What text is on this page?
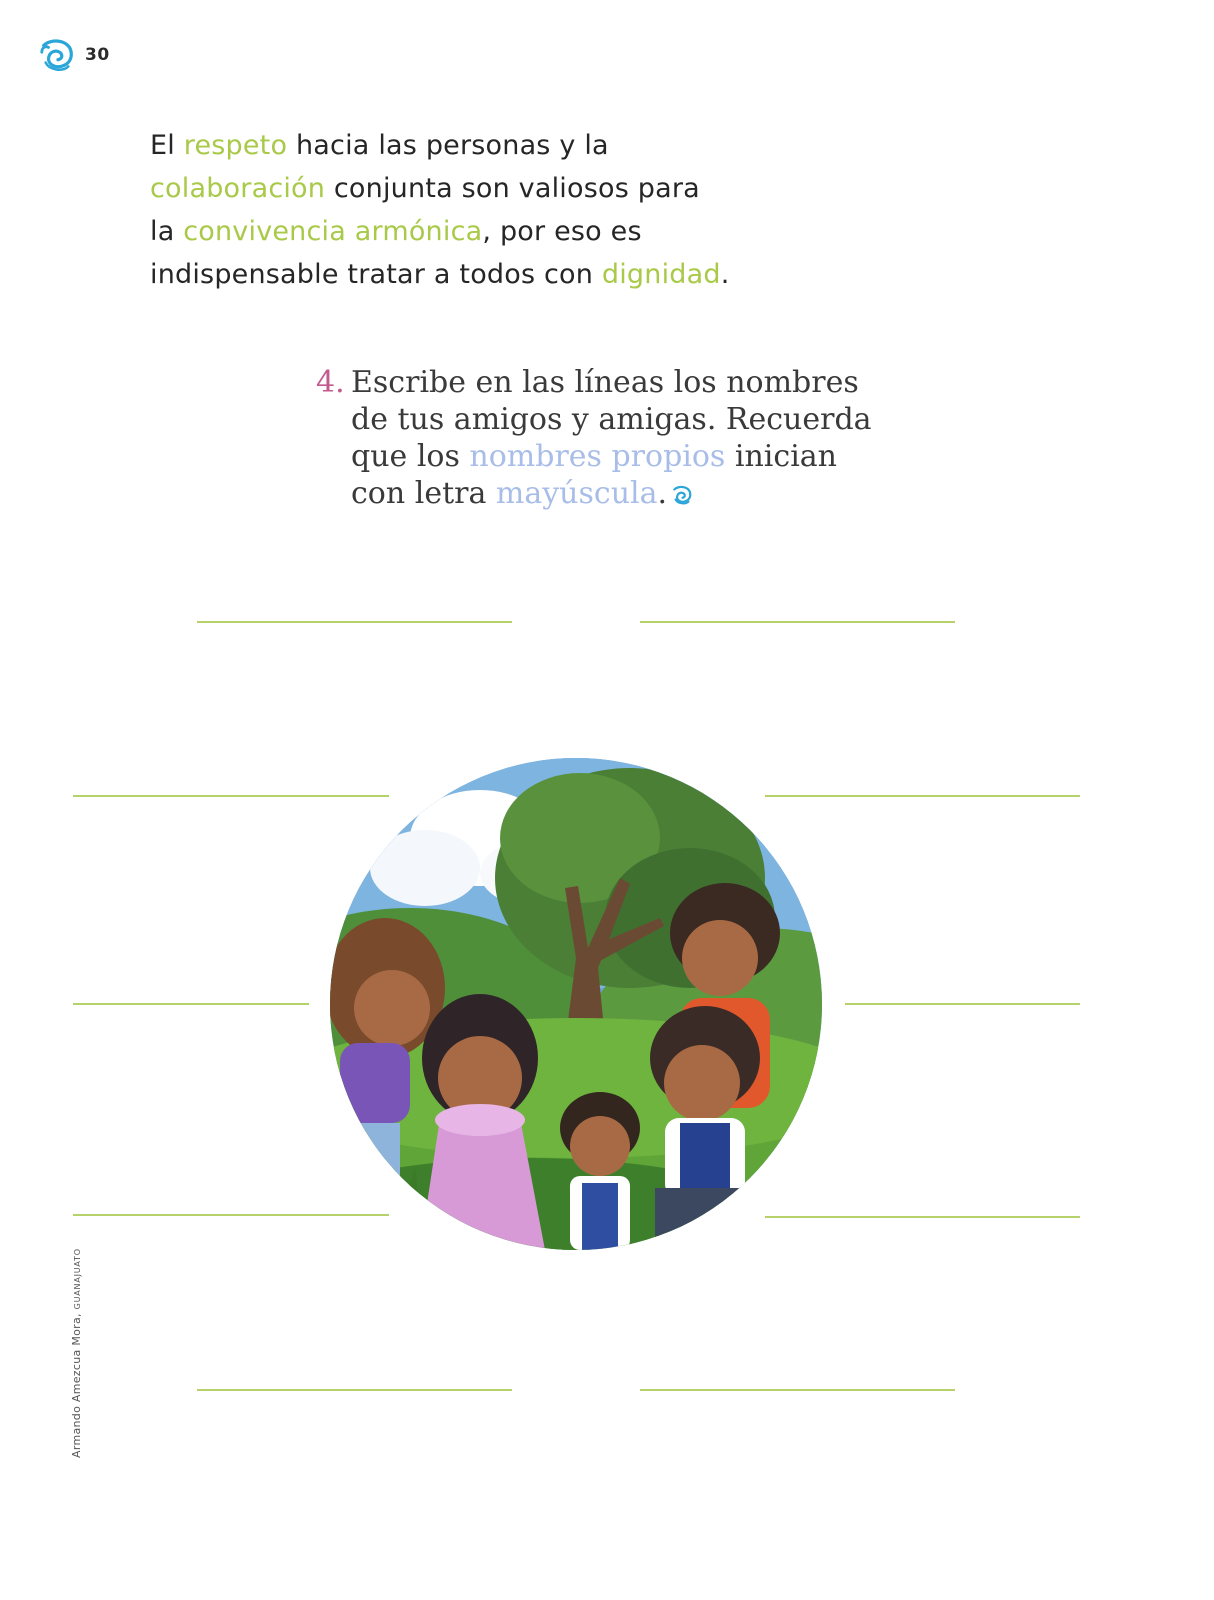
30

El respeto hacia las personas y la

colaboración conjunta son valiosos para

la convivencia armónica, por eso es

indispensable tratar a todos con dignidad.

4. Escribe en las líneas los nombres
de tus amigos y amigas. Recuerda
que los nombres propios inician
con letra mayúscula.
Armando Amezcua Mora, GUANAJUATO
